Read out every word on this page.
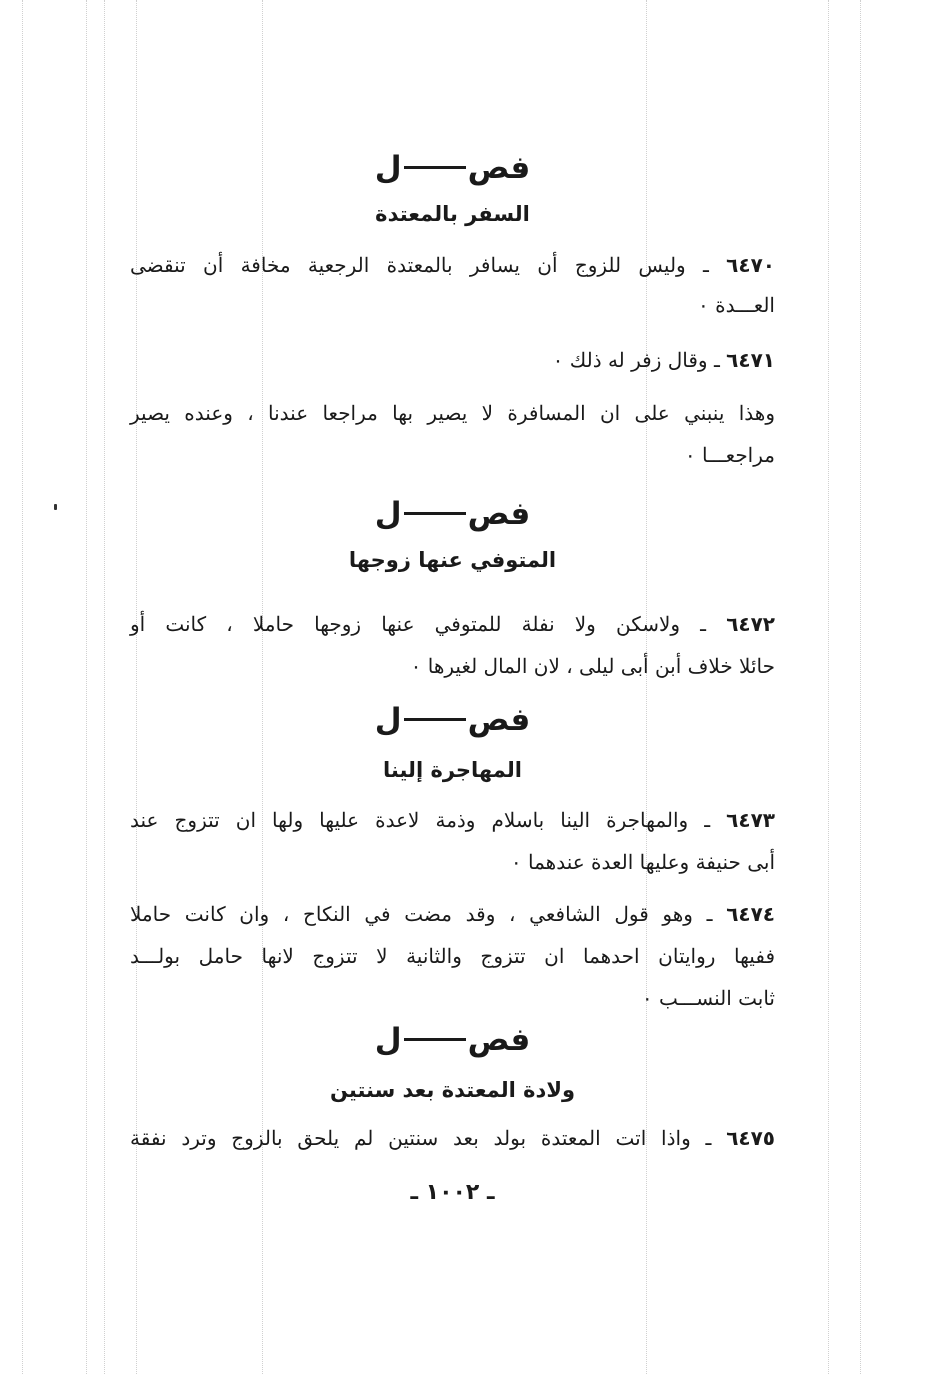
فصل
السفر بالمعتدة
٦٤٧٠ ـ وليس للزوج أن يسافر بالمعتدة الرجعية مخافة أن تنقضى
العـــدة ٠
٦٤٧١ ـ وقال زفر له ذلك ٠
وهذا ينبني على ان المسافرة لا يصير بها مراجعا عندنا ، وعنده يصير
مراجعـــا ٠
فصل
المتوفي عنها زوجها
٦٤٧٢ ـ ولاسكن ولا نفلة للمتوفي عنها زوجها حاملا ، كانت أو
حائلا خلاف أبن أبى ليلى ، لان المال لغيرها ٠
فصل
المهاجرة إلينا
٦٤٧٣ ـ والمهاجرة الينا باسلام وذمة لاعدة عليها ولها ان تتزوج عند
أبى حنيفة وعليها العدة عندهما ٠
٦٤٧٤ ـ وهو قول الشافعي ، وقد مضت في النكاح ، وان كانت حاملا
ففيها روايتان احدهما ان تتزوج والثانية لا تتزوج لانها حامل بولـــد
ثابت النســـب ٠
فصل
ولادة المعتدة بعد سنتين
٦٤٧٥ ـ واذا اتت المعتدة بولد بعد سنتين لم يلحق بالزوج وترد نفقة
ـ ١٠٠٢ ـ
